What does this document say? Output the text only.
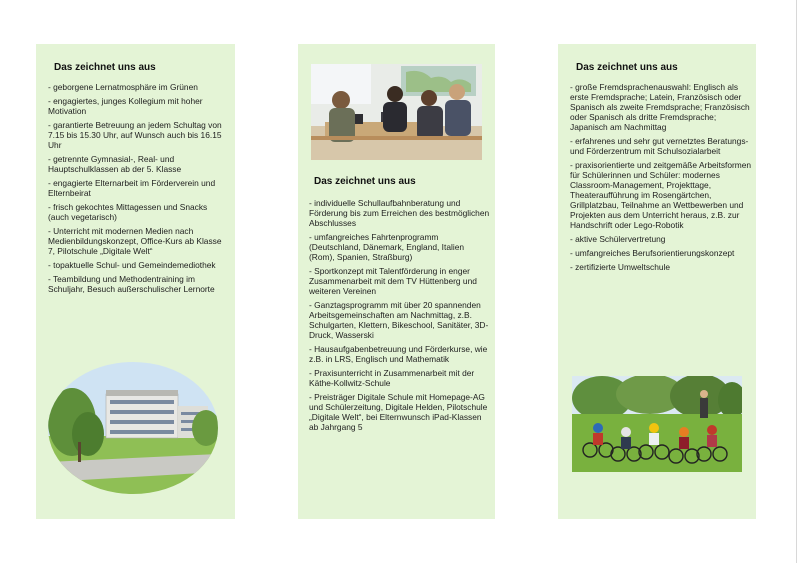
Das zeichnet uns aus
- geborgene Lernatmosphäre im Grünen
- engagiertes, junges Kollegium mit hoher Motivation
- garantierte Betreuung an jedem Schultag von 7.15 bis 15.30 Uhr, auf Wunsch auch bis 16.15 Uhr
- getrennte Gymnasial-, Real- und Hauptschulklassen ab der 5. Klasse
- engagierte Elternarbeit im Förderverein und Elternbeirat
- frisch gekochtes Mittagessen und Snacks (auch vegetarisch)
- Unterricht mit modernen Medien nach Medienbildungskonzept, Office-Kurs ab Klasse 7, Pilotschule „Digitale Welt“
- topaktuelle Schul- und Gemeindemediothek
- Teambildung und Methodentraining im Schuljahr, Besuch außerschulischer Lernorte
Das zeichnet uns aus
- individuelle Schullaufbahnberatung und Förderung bis zum Erreichen des bestmöglichen Abschlusses
- umfangreiches Fahrtenprogramm (Deutschland, Dänemark, England, Italien (Rom), Spanien, Straßburg)
- Sportkonzept mit Talentförderung in enger Zusammenarbeit mit dem TV Hüttenberg und weiteren Vereinen
- Ganztagsprogramm mit über 20 spannenden Arbeitsgemeinschaften am Nachmittag, z.B. Schulgarten, Klettern, Bikeschool, Sanitäter, 3D-Druck, Wasserski
- Hausaufgabenbetreuung und Förderkurse, wie z.B. in LRS, Englisch und Mathematik
- Praxisunterricht in Zusammenarbeit mit der Käthe-Kollwitz-Schule
- Preisträger Digitale Schule mit Homepage-AG und Schülerzeitung, Digitale Helden, Pilotschule „Digitale Welt“, bei Elternwunsch iPad-Klassen ab Jahrgang 5
Das zeichnet uns aus
- große Fremdsprachenauswahl: Englisch als erste Fremdsprache; Latein, Französisch oder Spanisch als zweite Fremdsprache; Französisch oder Spanisch als dritte Fremdsprache; Japanisch am Nachmittag
- erfahrenes und sehr gut vernetztes Beratungs- und Förderzentrum mit Schulsozialarbeit
- praxisorientierte und zeitgemäße Arbeitsformen für Schülerinnen und Schüler: modernes Classroom-Management, Projekttage, Theateraufführung im Rosengärtchen, Grillplatzbau, Teilnahme an Wettbewerben und Projekten aus dem Unterricht heraus, z.B. zur Handschrift oder Lego-Robotik
- aktive Schülervertretung
- umfangreiches Berufsorientierungskonzept
- zertifizierte Umweltschule
